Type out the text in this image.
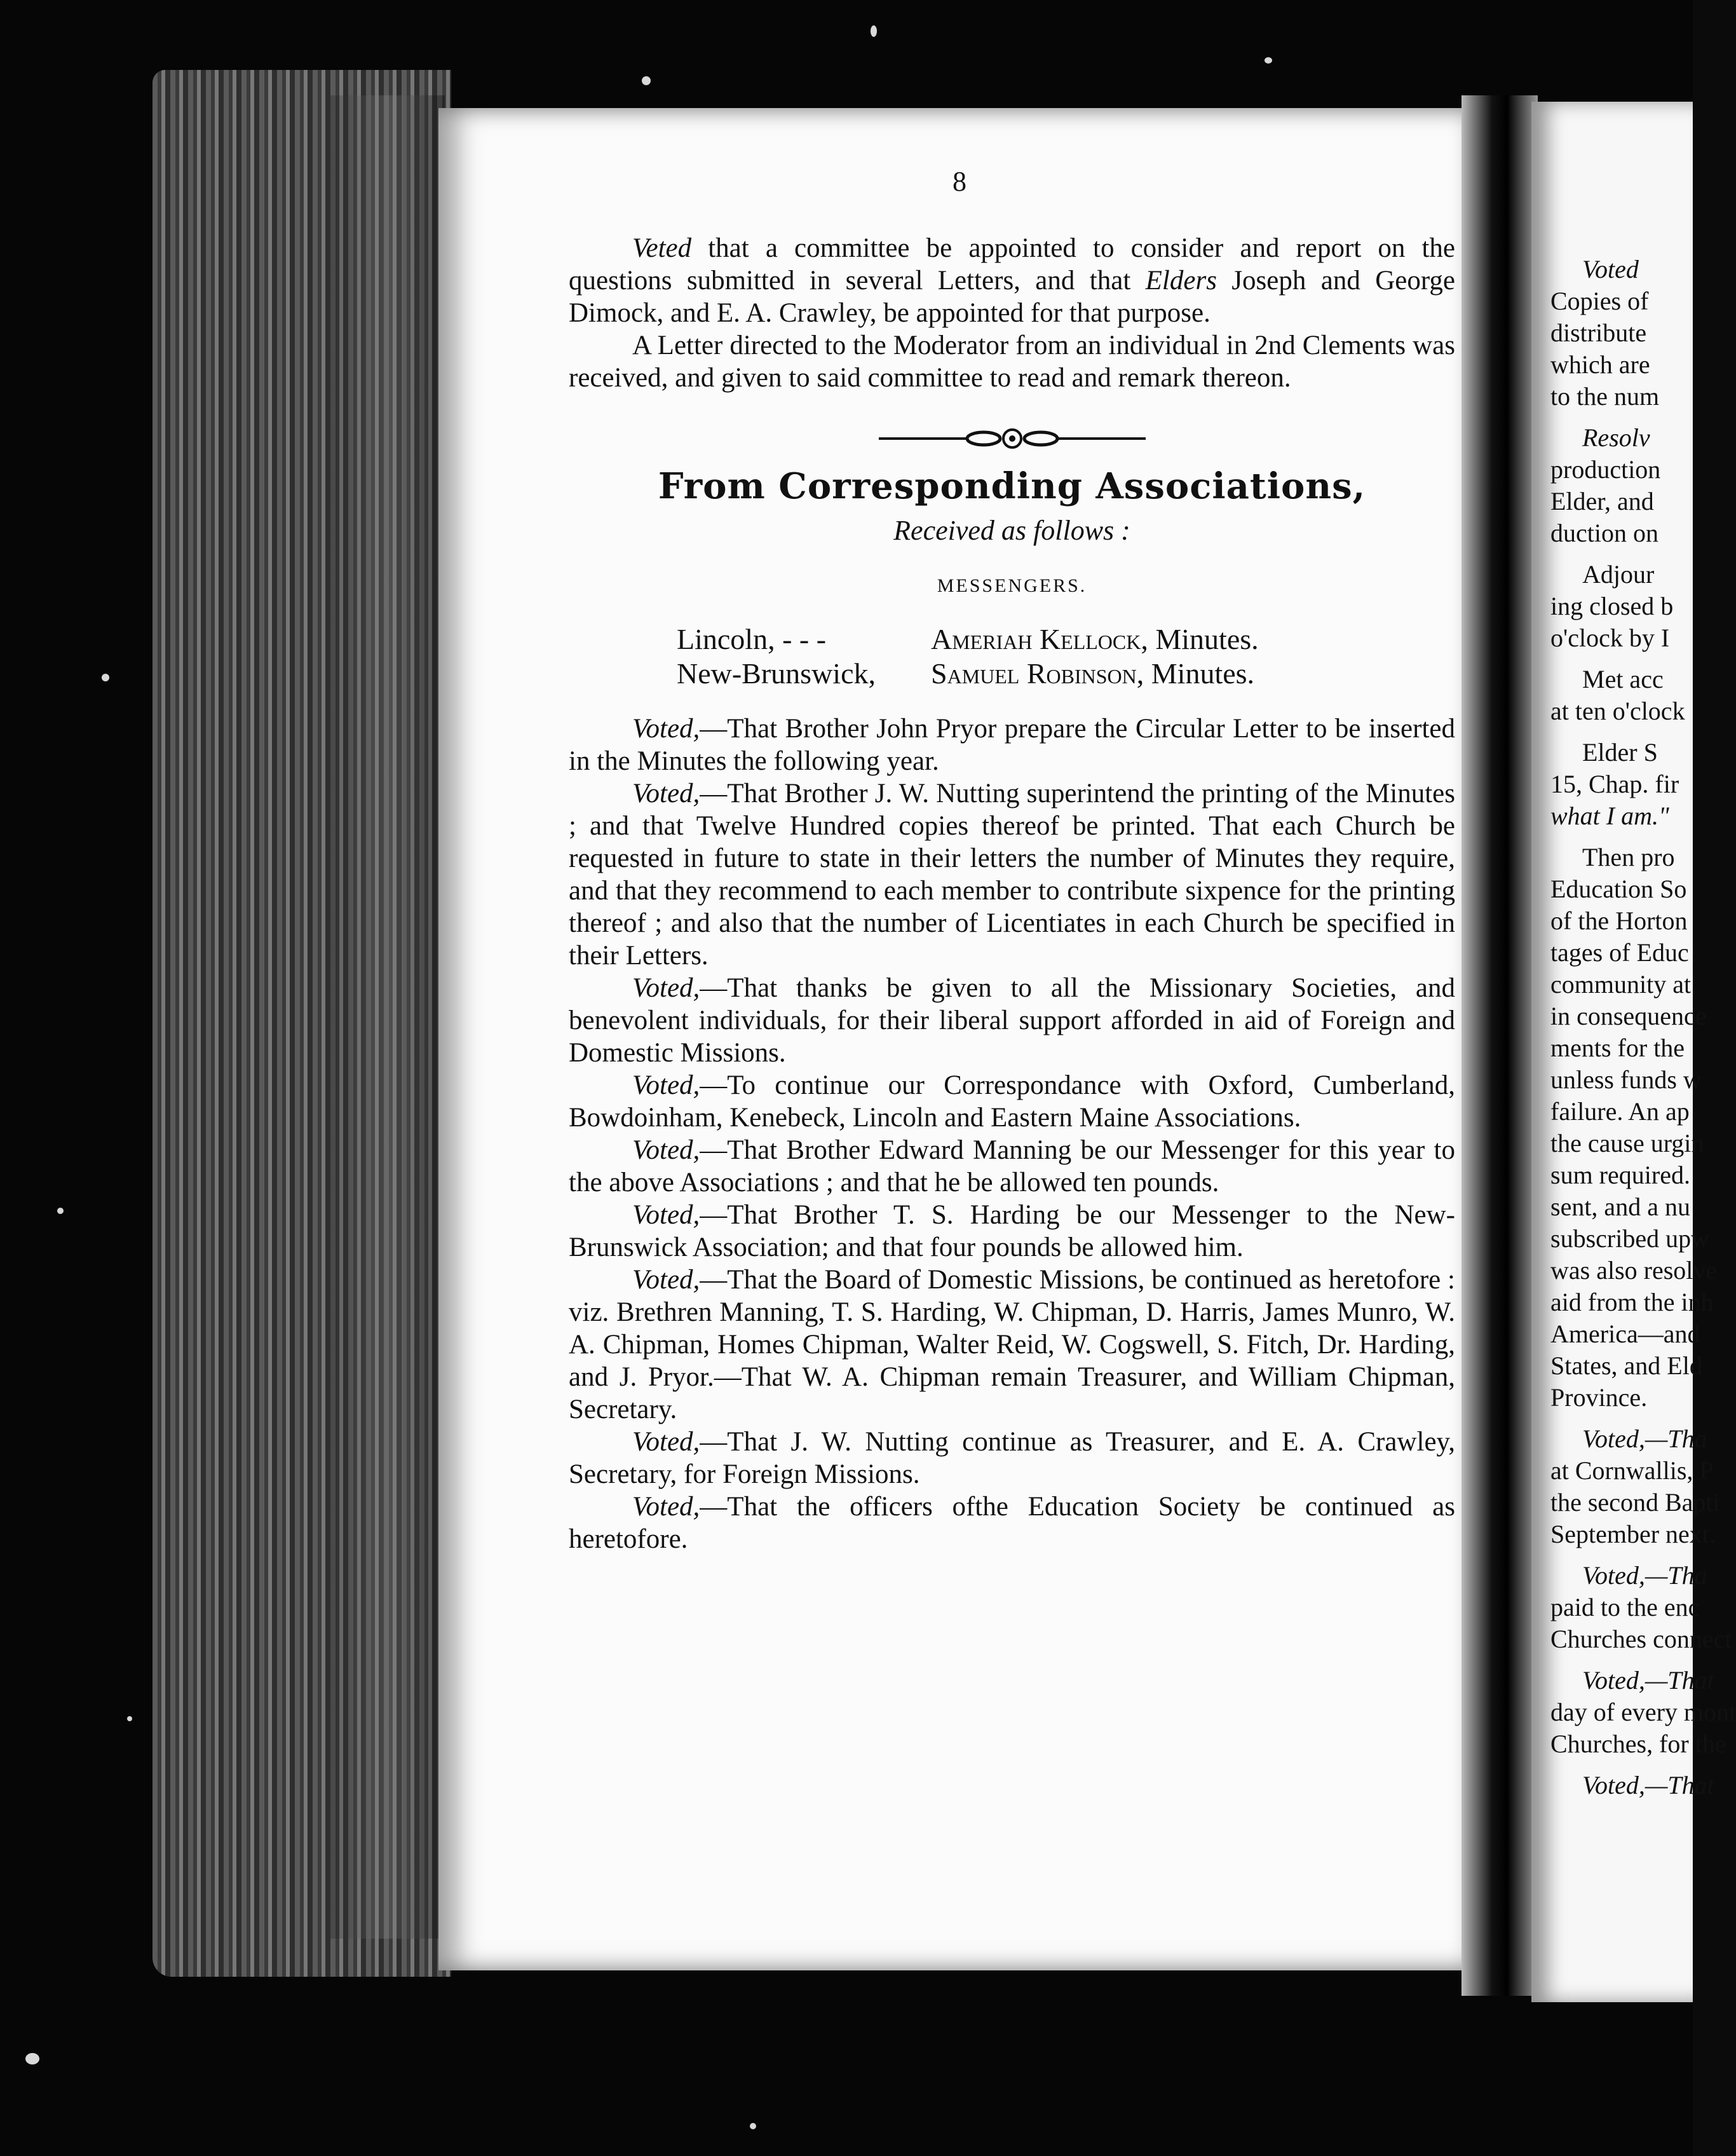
8

Veted that a committee be appointed to consider and report on the questions submitted in several Letters, and that Elders Joseph and George Dimock, and E. A. Crawley, be appointed for that purpose.

A Letter directed to the Moderator from an individual in 2nd Clements was received, and given to said committee to read and remark thereon.

From Corresponding Associations,
Received as follows :
MESSENGERS.
Lincoln, - - -	Ameriah Kellock,
Minutes.
New-Brunswick,	Samuel Robinson,
Minutes.

Voted,—That Brother John Pryor prepare the Circular Letter to be inserted in the Minutes the following year.

Voted,—That Brother J. W. Nutting superintend the printing of the Minutes ; and that Twelve Hundred copies thereof be printed. That each Church be requested in future to state in their letters the number of Minutes they require, and that they recommend to each member to contribute sixpence for the printing thereof ; and also that the number of Licentiates in each Church be specified in their Letters.

Voted,—That thanks be given to all the Missionary Societies, and benevolent individuals, for their liberal support afforded in aid of Foreign and Domestic Missions.

Voted,—To continue our Correspondance with Oxford, Cumberland, Bowdoinham, Kenebeck, Lincoln and Eastern Maine Associations.

Voted,—That Brother Edward Manning be our Messenger for this year to the above Associations ; and that he be allowed ten pounds.

Voted,—That Brother T. S. Harding be our Messenger to the New-Brunswick Association; and that four pounds be allowed him.

Voted,—That the Board of Domestic Missions, be continued as heretofore : viz. Brethren Manning, T. S. Harding, W. Chipman, D. Harris, James Munro, W. A. Chipman, Homes Chipman, Walter Reid, W. Cogswell, S. Fitch, Dr. Harding, and J. Pryor.—That W. A. Chipman remain Treasurer, and William Chipman, Secretary.

Voted,—That J. W. Nutting continue as Treasurer, and E. A. Crawley, Secretary, for Foreign Missions.

Voted,—That the officers ofthe Education Society be continued as heretofore.

Voted
Copies of
distribute
which are
to the num
Resolv
production
Elder, and
duction on
Adjour
ing closed b
o'clock by I
Met acc
at ten o'clock
Elder S
15, Chap. fir
what I am."
Then pro
Education So
of the Horton
tages of Educ
community at
in consequence
ments for the
unless funds w
failure. An ap
the cause urgin
sum required.
sent, and a nu
subscribed upw
was also resolve
aid from the inh
America—and
States, and Eld
Province.
Voted,—Tha
at Cornwallis, P
the second Bapti
September next.
Voted,—Tha
paid to the enc
Churches connect
Voted,—That
day of every mont
Churches, for the
Voted,—That
